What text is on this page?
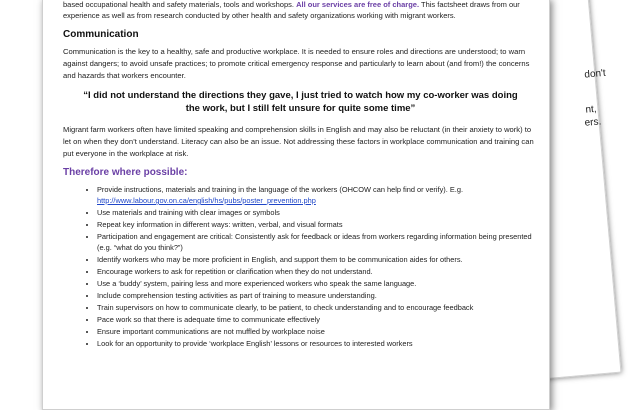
don't
nt,
ers.

based occupational health and safety materials, tools and workshops. All our services are free of charge. This factsheet draws from our experience as well as from research conducted by other health and safety organizations working with migrant workers.

Communication

Communication is the key to a healthy, safe and productive workplace. It is needed to ensure roles and directions are understood; to warn against dangers; to avoid unsafe practices; to promote critical emergency response and particularly to learn about (and from!) the concerns and hazards that workers encounter.

“I did not understand the directions they gave, I just tried to watch how my co-worker was doing the work, but I still felt unsure for quite some time”

Migrant farm workers often have limited speaking and comprehension skills in English and may also be reluctant (in their anxiety to work) to let on when they don’t understand. Literacy can also be an issue. Not addressing these factors in workplace communication and training can put everyone in the workplace at risk.

Therefore where possible:
• Provide instructions, materials and training in the language of the workers (OHCOW can help find or verify). E.g. http://www.labour.gov.on.ca/english/hs/pubs/poster_prevention.php
• Use materials and training with clear images or symbols
• Repeat key information in different ways: written, verbal, and visual formats
• Participation and engagement are critical: Consistently ask for feedback or ideas from workers regarding information being presented (e.g. “what do you think?”)
• Identify workers who may be more proficient in English, and support them to be communication aides for others.
• Encourage workers to ask for repetition or clarification when they do not understand.
• Use a ‘buddy’ system, pairing less and more experienced workers who speak the same language.
• Include comprehension testing activities as part of training to measure understanding.
• Train supervisors on how to communicate clearly, to be patient, to check understanding and to encourage feedback
• Pace work so that there is adequate time to communicate effectively
• Ensure important communications are not muffled by workplace noise
• Look for an opportunity to provide ‘workplace English’ lessons or resources to interested workers
